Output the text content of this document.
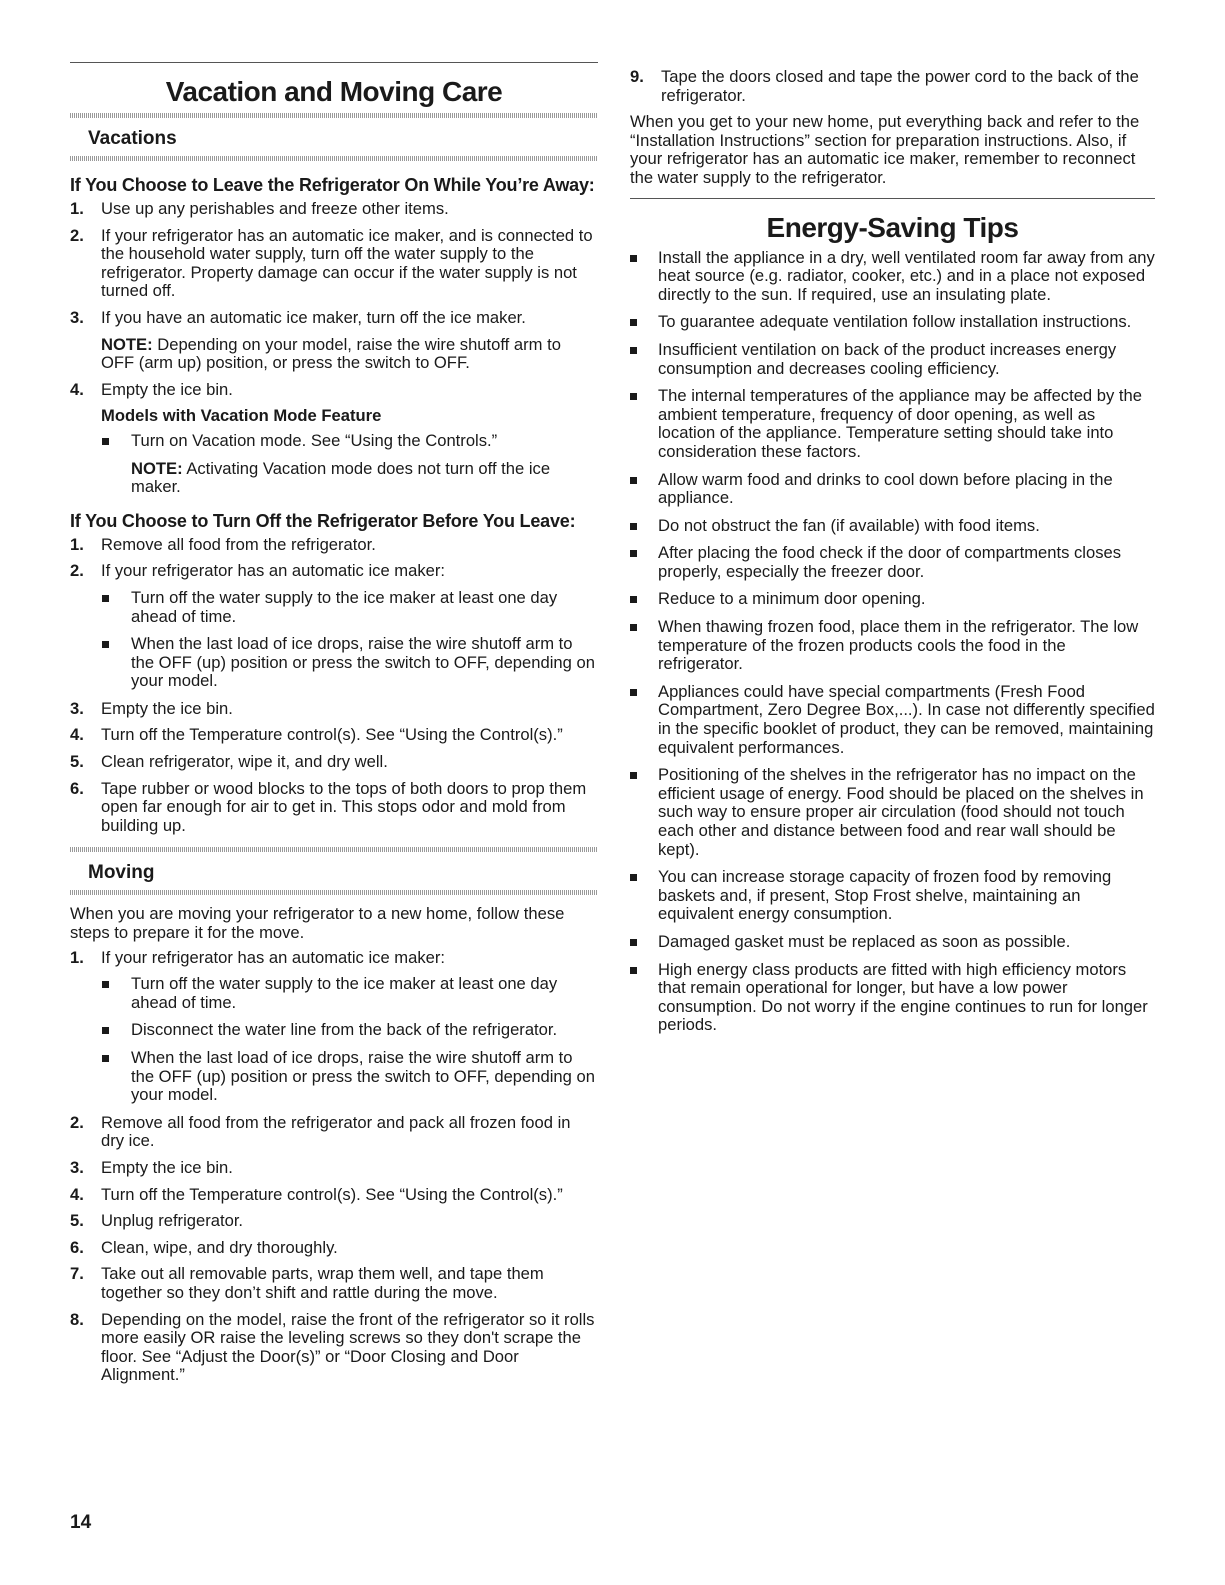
Vacation and Moving Care
Vacations
If You Choose to Leave the Refrigerator On While You’re Away:
1. Use up any perishables and freeze other items.
2. If your refrigerator has an automatic ice maker, and is connected to the household water supply, turn off the water supply to the refrigerator. Property damage can occur if the water supply is not turned off.
3. If you have an automatic ice maker, turn off the ice maker.
NOTE: Depending on your model, raise the wire shutoff arm to OFF (arm up) position, or press the switch to OFF.
4. Empty the ice bin.
Models with Vacation Mode Feature
Turn on Vacation mode. See “Using the Controls.”
NOTE: Activating Vacation mode does not turn off the ice maker.
If You Choose to Turn Off the Refrigerator Before You Leave:
1. Remove all food from the refrigerator.
2. If your refrigerator has an automatic ice maker:
Turn off the water supply to the ice maker at least one day ahead of time.
When the last load of ice drops, raise the wire shutoff arm to the OFF (up) position or press the switch to OFF, depending on your model.
3. Empty the ice bin.
4. Turn off the Temperature control(s). See “Using the Control(s).”
5. Clean refrigerator, wipe it, and dry well.
6. Tape rubber or wood blocks to the tops of both doors to prop them open far enough for air to get in. This stops odor and mold from building up.
Moving
When you are moving your refrigerator to a new home, follow these steps to prepare it for the move.
1. If your refrigerator has an automatic ice maker:
Turn off the water supply to the ice maker at least one day ahead of time.
Disconnect the water line from the back of the refrigerator.
When the last load of ice drops, raise the wire shutoff arm to the OFF (up) position or press the switch to OFF, depending on your model.
2. Remove all food from the refrigerator and pack all frozen food in dry ice.
3. Empty the ice bin.
4. Turn off the Temperature control(s). See “Using the Control(s).”
5. Unplug refrigerator.
6. Clean, wipe, and dry thoroughly.
7. Take out all removable parts, wrap them well, and tape them together so they don’t shift and rattle during the move.
8. Depending on the model, raise the front of the refrigerator so it rolls more easily OR raise the leveling screws so they don't scrape the floor. See “Adjust the Door(s)” or “Door Closing and Door Alignment.”
9. Tape the doors closed and tape the power cord to the back of the refrigerator.
When you get to your new home, put everything back and refer to the “Installation Instructions” section for preparation instructions. Also, if your refrigerator has an automatic ice maker, remember to reconnect the water supply to the refrigerator.
Energy-Saving Tips
Install the appliance in a dry, well ventilated room far away from any heat source (e.g. radiator, cooker, etc.) and in a place not exposed directly to the sun. If required, use an insulating plate.
To guarantee adequate ventilation follow installation instructions.
Insufficient ventilation on back of the product increases energy consumption and decreases cooling efficiency.
The internal temperatures of the appliance may be affected by the ambient temperature, frequency of door opening, as well as location of the appliance. Temperature setting should take into consideration these factors.
Allow warm food and drinks to cool down before placing in the appliance.
Do not obstruct the fan (if available) with food items.
After placing the food check if the door of compartments closes properly, especially the freezer door.
Reduce to a minimum door opening.
When thawing frozen food, place them in the refrigerator. The low temperature of the frozen products cools the food in the refrigerator.
Appliances could have special compartments (Fresh Food Compartment, Zero Degree Box,...). In case not differently specified in the specific booklet of product, they can be removed, maintaining equivalent performances.
Positioning of the shelves in the refrigerator has no impact on the efficient usage of energy. Food should be placed on the shelves in such way to ensure proper air circulation (food should not touch each other and distance between food and rear wall should be kept).
You can increase storage capacity of frozen food by removing baskets and, if present, Stop Frost shelve, maintaining an equivalent energy consumption.
Damaged gasket must be replaced as soon as possible.
High energy class products are fitted with high efficiency motors that remain operational for longer, but have a low power consumption. Do not worry if the engine continues to run for longer periods.
14
